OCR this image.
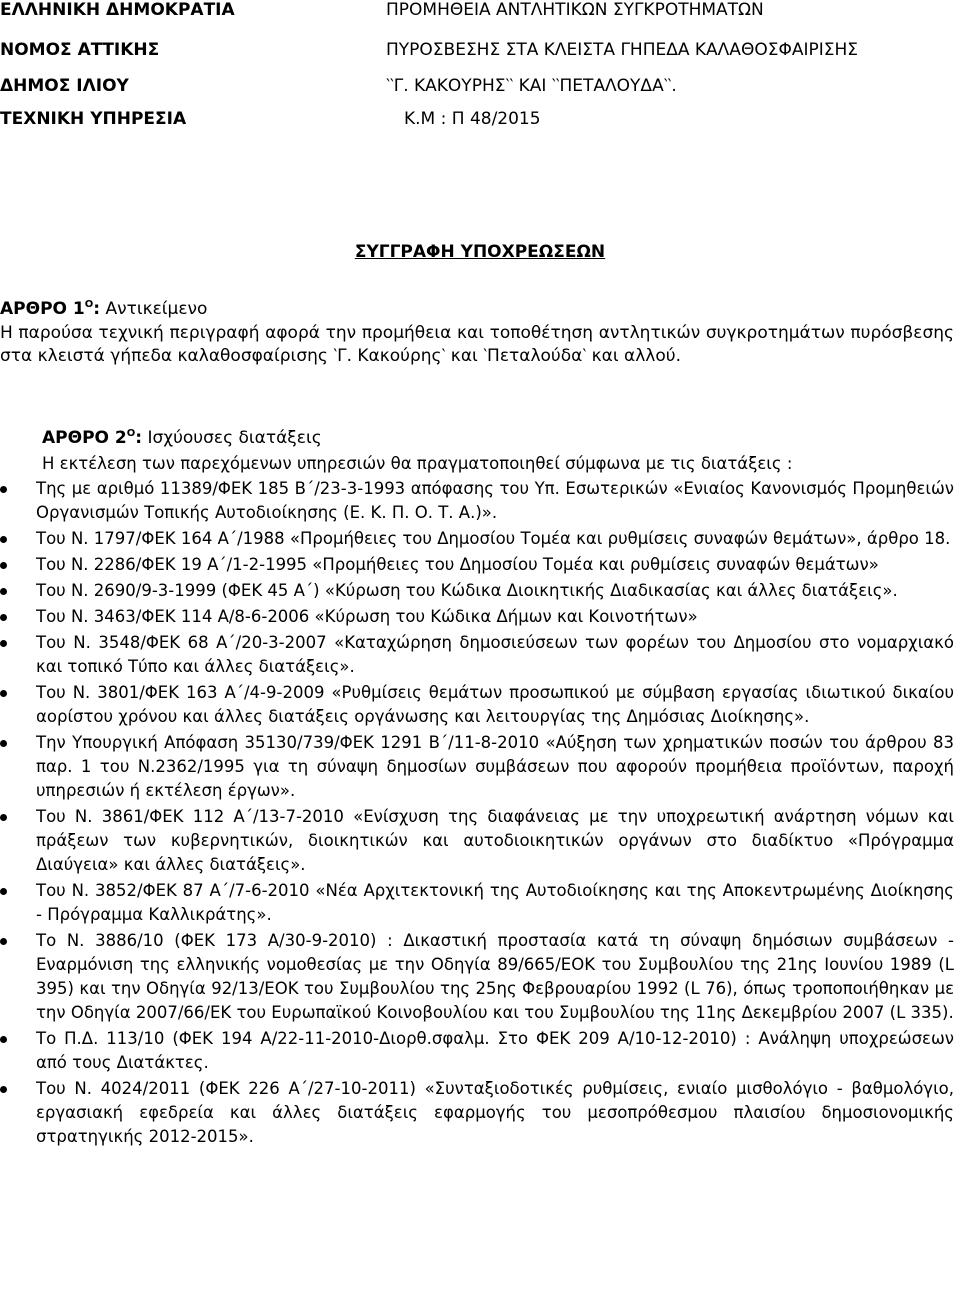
ΕΛΛΗΝΙΚΗ ΔΗΜΟΚΡΑΤΙΑ
ΝΟΜΟΣ ΑΤΤΙΚΗΣ
ΔΗΜΟΣ ΙΛΙΟΥ
ΤΕΧΝΙΚΗ ΥΠΗΡΕΣΙΑ
ΠΡΟΜΗΘΕΙΑ ΑΝΤΛΗΤΙΚΩΝ ΣΥΓΚΡΟΤΗΜΑΤΩΝ
ΠΥΡΟΣΒΕΣΗΣ ΣΤΑ ΚΛΕΙΣΤΑ ΓΗΠΕΔΑ ΚΑΛΑΘΟΣΦΑΙΡΙΣΗΣ
‵‵Γ. ΚΑΚΟΥΡΗΣ‵‵ ΚΑΙ ‵‵ΠΕΤΑΛΟΥΔΑ‵‵.
Κ.Μ : Π 48/2015
ΣΥΓΓΡΑΦΗ ΥΠΟΧΡΕΩΣΕΩΝ
ΑΡΘΡΟ $1^O$: Αντικείμενο
Η παρούσα τεχνική περιγραφή αφορά την προμήθεια και τοποθέτηση αντλητικών συγκροτημάτων πυρόσβεσης στα κλειστά γήπεδα καλαθοσφαίρισης ‵Γ. Κακούρης‵ και ‵Πεταλούδα‵ και αλλού.
ΑΡΘΡΟ $2^O$: Ισχύουσες διατάξεις
Η εκτέλεση των παρεχόμενων υπηρεσιών θα πραγματοποιηθεί σύμφωνα με τις διατάξεις :
Της με αριθμό 11389/ΦΕΚ 185 Β΄/23-3-1993 απόφασης του Υπ. Εσωτερικών «Ενιαίος Κανονισμός Προμηθειών Οργανισμών Τοπικής Αυτοδιοίκησης (Ε. Κ. Π. Ο. Τ. Α.)».
Του Ν. 1797/ΦΕΚ 164 Α΄/1988 «Προμήθειες του Δημοσίου Τομέα και ρυθμίσεις συναφών θεμάτων», άρθρο 18.
Του Ν. 2286/ΦΕΚ 19 Α΄/1-2-1995 «Προμήθειες του Δημοσίου Τομέα και ρυθμίσεις συναφών θεμάτων»
Του Ν. 2690/9-3-1999 (ΦΕΚ 45 Α΄) «Κύρωση του Κώδικα Διοικητικής Διαδικασίας και άλλες διατάξεις».
Του Ν. 3463/ΦΕΚ 114 Α/8-6-2006 «Κύρωση του Κώδικα Δήμων και Κοινοτήτων»
Του Ν. 3548/ΦΕΚ 68 Α΄/20-3-2007 «Καταχώρηση δημοσιεύσεων των φορέων του Δημοσίου στο νομαρχιακό και τοπικό Τύπο και άλλες διατάξεις».
Του Ν. 3801/ΦΕΚ 163 Α΄/4-9-2009 «Ρυθμίσεις θεμάτων προσωπικού με σύμβαση εργασίας ιδιωτικού δικαίου αορίστου χρόνου και άλλες διατάξεις οργάνωσης και λειτουργίας της Δημόσιας Διοίκησης».
Την Υπουργική Απόφαση 35130/739/ΦΕΚ 1291 Β΄/11-8-2010 «Αύξηση των χρηματικών ποσών του άρθρου 83 παρ. 1 του Ν.2362/1995 για τη σύναψη δημοσίων συμβάσεων που αφορούν προμήθεια προϊόντων, παροχή υπηρεσιών ή εκτέλεση έργων».
Του Ν. 3861/ΦΕΚ 112 Α΄/13-7-2010 «Ενίσχυση της διαφάνειας με την υποχρεωτική ανάρτηση νόμων και πράξεων των κυβερνητικών, διοικητικών και αυτοδιοικητικών οργάνων στο διαδίκτυο «Πρόγραμμα Διαύγεια» και άλλες διατάξεις».
Του Ν. 3852/ΦΕΚ 87 Α΄/7-6-2010 «Νέα Αρχιτεκτονική της Αυτοδιοίκησης και της Αποκεντρωμένης Διοίκησης - Πρόγραμμα Καλλικράτης».
Το Ν. 3886/10 (ΦΕΚ 173 Α/30-9-2010) : Δικαστική προστασία κατά τη σύναψη δημόσιων συμβάσεων - Εναρμόνιση της ελληνικής νομοθεσίας με την Οδηγία 89/665/ΕΟΚ του Συμβουλίου της 21ης Ιουνίου 1989 (L 395) και την Οδηγία 92/13/ΕΟΚ του Συμβουλίου της 25ης Φεβρουαρίου 1992 (L 76), όπως τροποποιήθηκαν με την Οδηγία 2007/66/ΕΚ του Ευρωπαϊκού Κοινοβουλίου και του Συμβουλίου της 11ης Δεκεμβρίου 2007 (L 335).
Το Π.Δ. 113/10 (ΦΕΚ 194 Α/22-11-2010-Διορθ.σφαλμ. Στο ΦΕΚ 209 Α/10-12-2010) : Ανάληψη υποχρεώσεων από τους Διατάκτες.
Του Ν. 4024/2011 (ΦΕΚ 226 Α΄/27-10-2011) «Συνταξιοδοτικές ρυθμίσεις, ενιαίο μισθολόγιο - βαθμολόγιο, εργασιακή εφεδρεία και άλλες διατάξεις εφαρμογής του μεσοπρόθεσμου πλαισίου δημοσιονομικής στρατηγικής 2012-2015».
